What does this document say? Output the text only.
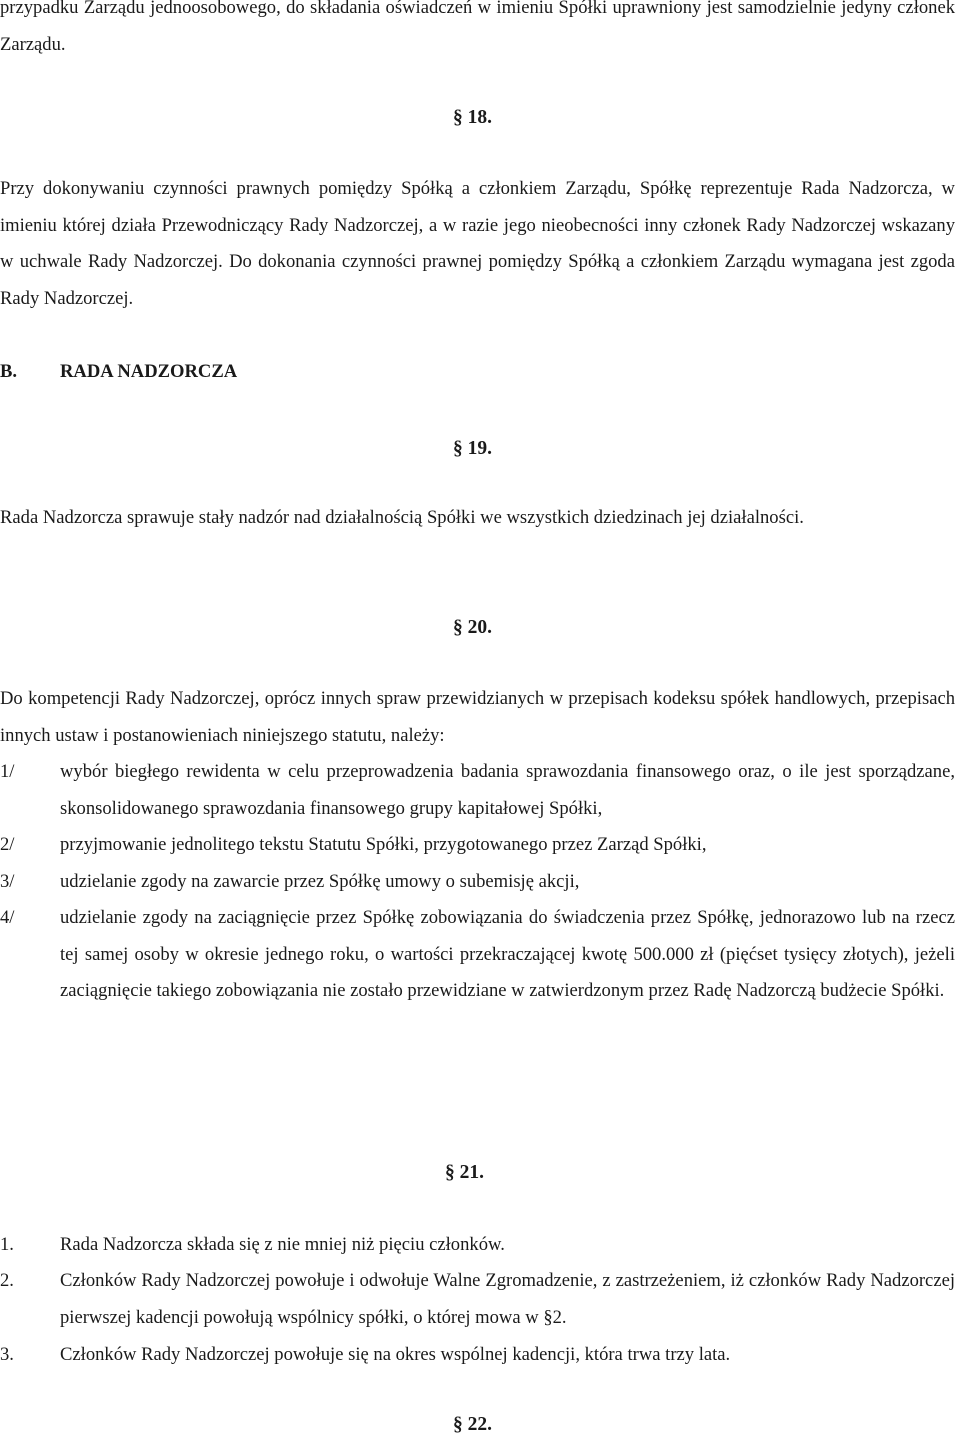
przypadku Zarządu jednoosobowego, do składania oświadczeń w imieniu Spółki uprawniony jest samodzielnie jedyny członek Zarządu.

§ 18.

Przy dokonywaniu czynności prawnych pomiędzy Spółką a członkiem Zarządu, Spółkę reprezentuje Rada Nadzorcza, w imieniu której działa Przewodniczący Rady Nadzorczej, a w razie jego nieobecności inny członek Rady Nadzorczej wskazany w uchwale Rady Nadzorczej. Do dokonania czynności prawnej pomiędzy Spółką a członkiem Zarządu wymagana jest zgoda Rady Nadzorczej.

B. RADA NADZORCZA
§ 19.

Rada Nadzorcza sprawuje stały nadzór nad działalnością Spółki we wszystkich dziedzinach jej działalności.

§ 20.

Do kompetencji Rady Nadzorczej, oprócz innych spraw przewidzianych w przepisach kodeksu spółek handlowych, przepisach innych ustaw i postanowieniach niniejszego statutu, należy:

1/	wybór biegłego rewidenta w celu przeprowadzenia badania sprawozdania finansowego oraz, o ile jest sporządzane, skonsolidowanego sprawozdania finansowego grupy kapitałowej Spółki,
2/	przyjmowanie jednolitego tekstu Statutu Spółki, przygotowanego przez Zarząd Spółki,
3/	udzielanie zgody na zawarcie przez Spółkę umowy o subemisję akcji,
4/	udzielanie zgody na zaciągnięcie przez Spółkę zobowiązania do świadczenia przez Spółkę, jednorazowo lub na rzecz tej samej osoby w okresie jednego roku, o wartości przekraczającej kwotę 500.000 zł (pięćset tysięcy złotych), jeżeli zaciągnięcie takiego zobowiązania nie zostało przewidziane w zatwierdzonym przez Radę Nadzorczą budżecie Spółki.
§ 21.
1.	Rada Nadzorcza składa się z nie mniej niż pięciu członków.
2.	Członków Rady Nadzorczej powołuje i odwołuje Walne Zgromadzenie, z zastrzeżeniem, iż członków Rady Nadzorczej pierwszej kadencji powołują wspólnicy spółki, o której mowa w §2.
3.	Członków Rady Nadzorczej powołuje się na okres wspólnej kadencji, która trwa trzy lata.
§ 22.
